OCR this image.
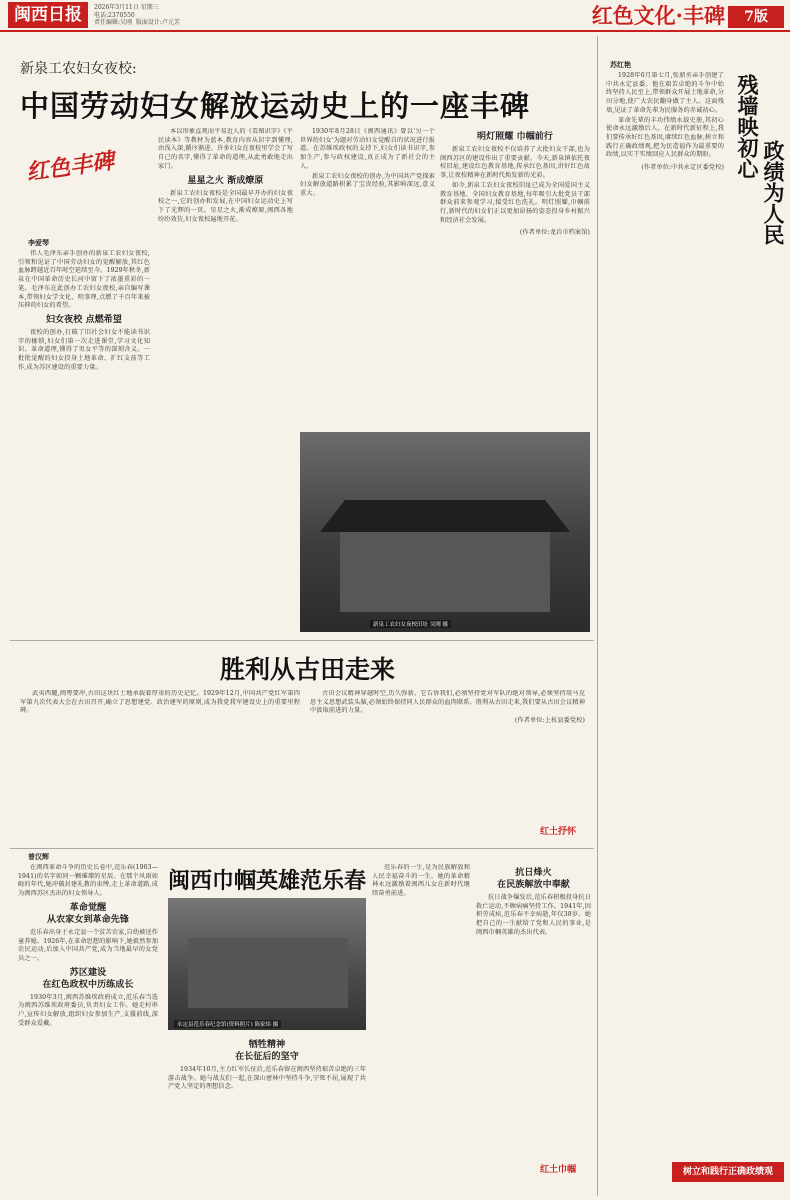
闽西日报	2026年3月11日 星期三
电话:2370550
责任编辑:吴刚 版面设计:卢元芳	红色文化·丰碑	7版
新泉工农妇女夜校:
中国劳动妇女解放运动史上的一座丰碑
红色丰碑
李爱琴

伟人毛泽东亲手创办的新泉工农妇女夜校,引领和见证了中国劳动妇女的觉醒解放,其红色血脉跨越近百年时空延续至今。1929年秋冬,新泉在中国革命历史长河中留下了浓墨重彩的一笔。毛泽东在此创办工农妇女夜校,亲自编写课本,带领妇女学文化、明事理,点燃了千百年来被压抑的妇女的希望。

妇女夜校 点燃希望

夜校的创办,打破了旧社会妇女不能读书识字的枷锁,妇女们第一次走进课堂,学习文化知识、革命道理,懂得了男女平等的深刻含义。一批批觉醒的妇女投身土地革命、扩红支前等工作,成为苏区建设的重要力量。

本以形象直观而平易近人的《看图识字》《平民读本》等教材为蓝本,教育内容从识字到懂理,由浅入深,循序渐进。许多妇女在夜校里学会了写自己的名字,懂得了革命的道理,从此勇敢地走出家门。

星星之火 渐成燎原

新泉工农妇女夜校是全国最早开办的妇女夜校之一,它的创办和发展,在中国妇女运动史上写下了光辉的一页。星星之火,渐成燎原,闽西各地纷纷效仿,妇女夜校遍地开花。

1930年8月28日《闽西通讯》曾以'另一个世界的妇女'为题对劳动妇女觉醒自的状况进行报道。在苏维埃政权的支持下,妇女们读书识字,参加生产,参与政权建设,真正成为了新社会的主人。

新泉工农妇女夜校的创办,为中国共产党探索妇女解放道路积累了宝贵经验,其影响深远,意义重大。

明灯照耀 巾帼前行

新泉工农妇女夜校不仅培养了大批妇女干部,也为闽西苏区的建设作出了重要贡献。今天,新泉镇依托夜校旧址,建设红色教育基地,传承红色基因,讲好红色故事,让夜校精神在新时代焕发新的光彩。

如今,新泉工农妇女夜校旧址已成为全国爱国主义教育基地、全国妇女教育基地,每年吸引大批党员干部群众前来参观学习,接受红色洗礼。明灯照耀,巾帼前行,新时代的妇女们正以更加昂扬的姿态投身乡村振兴和经济社会发展。

(作者单位:龙岩市档案馆)
新泉工农妇女夜校旧址 吴刚 摄
苏红艳
残墙映初心
政绩为人民

1928年6月第七月,张鼎丞亲手创建了中共永定县委。他在艰苦卓绝的斗争中始终坚持人民至上,带领群众开展土地革命,分田分地,使广大农民翻身做了主人。这面残墙,见证了革命先辈为民服务的赤诚初心。

革命先辈的丰功伟绩永载史册,其初心使命永远激励后人。在新时代新征程上,我们要传承好红色基因,赓续红色血脉,树立和践行正确政绩观,把为民造福作为最重要的政绩,以实干实绩回应人民群众的期盼。

(作者单位:中共永定区委党校)
树立和践行正确政绩观
胜利从古田走来

武夷西麓,闽粤要冲,古田这块红土地承载着厚重的历史记忆。1929年12月,中国共产党红军第四军第九次代表大会在古田召开,确立了思想建党、政治建军的原则,成为我党我军建设史上的重要里程碑。

古田会议精神穿越时空,历久弥新。它告诉我们,必须坚持党对军队的绝对领导,必须坚持用马克思主义思想武装头脑,必须始终保持同人民群众的血肉联系。胜利从古田走来,我们要从古田会议精神中汲取前进的力量。

(作者单位:上杭县委党校)
红土抒怀
曾汉辉
闽西巾帼英雄范乐春
永定县范乐春纪念馆(资料照片) 陈家炜 摄

在闽西革命斗争的历史长卷中,范乐春(1903—1941)的名字如同一颗璀璨的星辰。在那个风雨如晦的年代,她冲破封建礼教的束缚,走上革命道路,成为闽西苏区杰出的妇女领导人。

革命觉醒
从农家女到革命先锋

范乐春出身于永定县一个贫苦农家,自幼被送作童养媳。1926年,在革命思想的影响下,她毅然参加农民运动,后加入中国共产党,成为当地最早的女党员之一。

苏区建设
在红色政权中历练成长

1930年3月,闽西苏维埃政府成立,范乐春当选为闽西苏维埃政府委员,负责妇女工作。她走村串户,宣传妇女解放,组织妇女参加生产,支援前线,深受群众爱戴。

牺牲精神
在长征后的坚守

1934年10月,主力红军长征后,范乐春留在闽西坚持艰苦卓绝的三年游击战争。她与战友们一起,在深山密林中坚持斗争,宁死不屈,展现了共产党人坚定的理想信念。

范乐春的一生,是为民族解放和人民幸福奋斗的一生。她的革命精神永远激励着闽西儿女在新时代继续奋勇前进。

抗日烽火
在民族解放中奉献

抗日战争爆发后,范乐春积极投身抗日救亡运动,不顾病痛坚持工作。1941年,因积劳成疾,范乐春不幸病逝,年仅38岁。她把自己的一生献给了党和人民的事业,是闽西巾帼英雄的杰出代表。

红土巾帼
